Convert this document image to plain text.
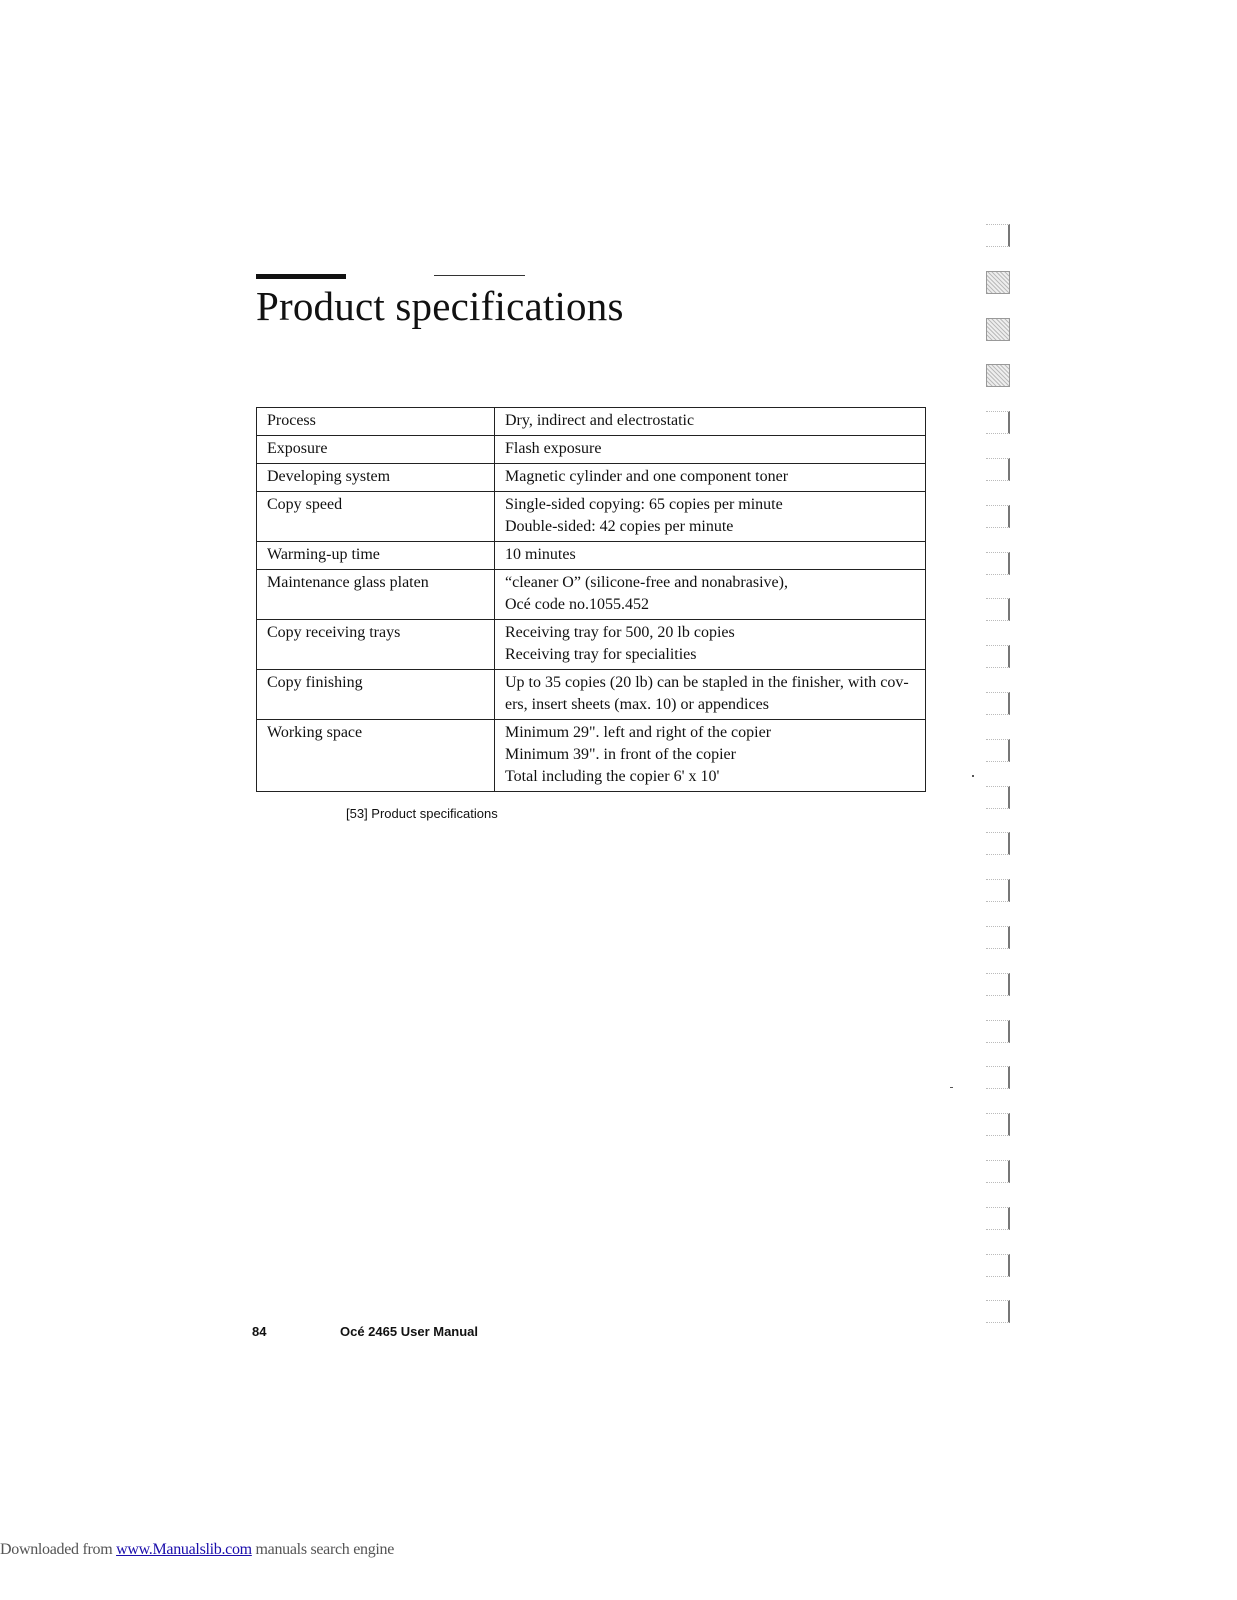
Product specifications
Process	Dry, indirect and electrostatic

Exposure	Flash exposure

Developing system	Magnetic cylinder and one component toner

Copy speed	Single-sided copying: 65 copies per minute
Double-sided: 42 copies per minute

Warming-up time	10 minutes

Maintenance glass platen	“cleaner O” (silicone-free and nonabrasive),
Océ code no.1055.452

Copy receiving trays	Receiving tray for 500, 20 lb copies
Receiving tray for specialities

Copy finishing	Up to 35 copies (20 lb) can be stapled in the finisher, with cov-
ers, insert sheets (max. 10) or appendices

Working space	Minimum 29". left and right of the copier
Minimum 39". in front of the copier
Total including the copier 6' x 10'
[53] Product specifications
84	Océ 2465 User Manual
Downloaded from www.Manualslib.com manuals search engine
